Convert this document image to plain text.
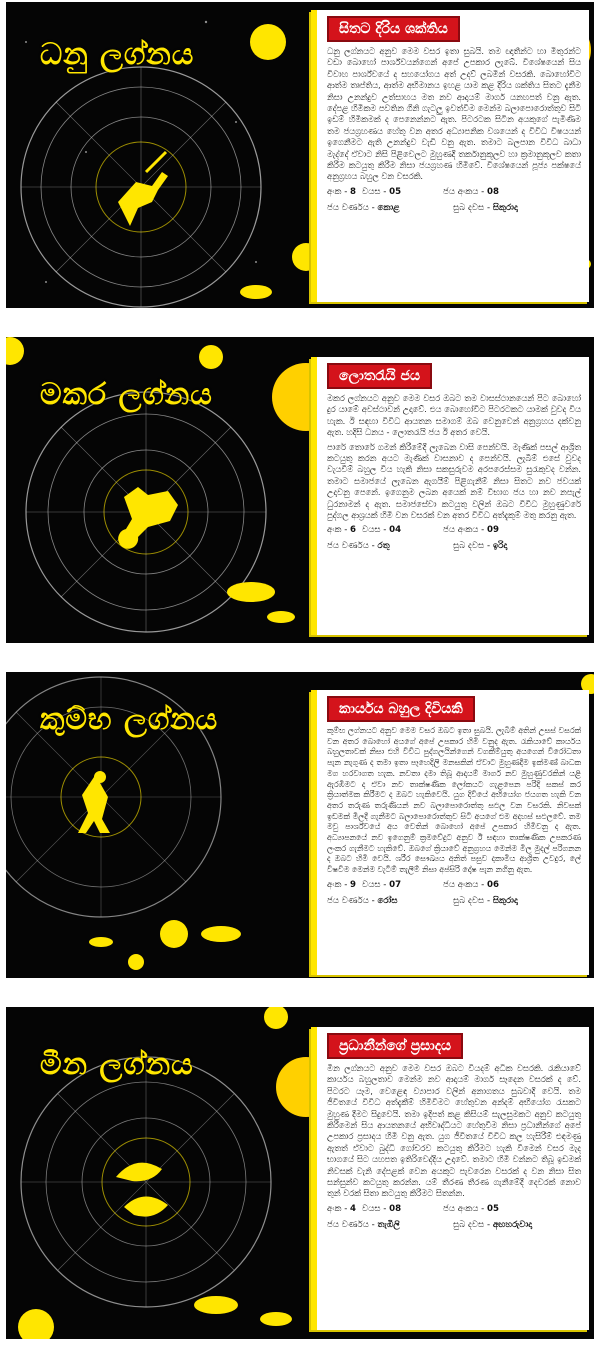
ධනු ලග්නය
සිතට දිරිය ශක්තිය

ධනු ලග්නයට අනුව මෙම වසර ඉතා සුබයි. තම ඥාතීන්ට හා මිතුරන්ට වඩා බොහෝ පාර්ශ්වයන්ගෙන් අපේ උපකාර ලැබේ. විශේෂයෙන් සිය විවාහ පාර්ශ්වයේ ද සහයෝගය අත් උදව් ලබමින් වසරකි. බොහෝවිට ආත්ම තෘප්තිය, ආත්ම අභිමානය ඉහළ යාම කළ දිරිය ශක්තිය සිතට දැනීම නිසා උනන්දුව උත්සාහය මත නව ආදායම් මාර්ග යනහපත් වනු ඇත. දේපළ හිමිකම පවතින ගිනි ගැටලු ඉවත්වීම මෙන්ම බලාපොරොත්තුව සිටි ඉඩම් හිමිකමක් ද පෙනෙන්නට ඇත. පිටරටක සිටින අයකුගේ පැමිණීම තම ජයග්‍රහණය හේතු වන අතර අධ්‍යාපනික වශයෙන් ද විවිධ විෂයයන් ඉගෙනීමට ඇති උනන්දුව වැඩි වනු ඇත. තමාට බලපාන විවිධ බාධා මැද්දේ ඒවාට නිසි පිළිවෙලට මුහුණදී තර්කානුකූලව හා ක්‍රමානුකූලව කතා කිරීම කටයුතු කිරීම නිසා ජයග්‍රහණ හිමිවේ. විශේෂයෙන් පූජ්‍ය පක්ෂයේ අනුග්‍රහය බහුල වන වසරකි.

අංක - 8 වයස - 05	ජය අංකය - 08
ජය වර්ණය - කොළ	සුබ දවස - සිකුරාදා
මකර ලග්නය
ලොතරැයි ජය

මකර ලග්නයට අනුව මෙම වසර ඔබට තම වාසස්ථානයෙන් පිට බොහෝ දුර යාමේ අවස්ථාවන් උදාවේ. එය බොහෝවිට පිටරටකට යාමක් වුවද විය හැක. ඊ සඳහා විවිධ ආයතන සමාගම් ඔබ වෙනුවෙන් අනුග්‍රහය දක්වනු ඇත. හදිසි ධනය - ලොතරැයි ජය ඊ අතර වෙයි.

පාරේ තොරේ ගමන් කිරීමේදී ලැබෙන වාසි පෙන්වයි. මැණික් පසල් ආශ්‍රිත කටයුතු කරන අයට මැණික් වාසනාව ද පෙන්වයි. ලැබීම් එසේ වුවද වැයවීම් බහුල විය හැකි නිසා සකසුරුවම අරපරෙස්සම සුරැකුවද වන්න. තමාට සමාජයේ ලැබෙන ඇගයීම් පිළිගැනීම් නිසා සිතට නව ජවයක් උදාවනු පෙනේ. ඉගෙනුම ලබන අයෙක් නම් විභාග ජය හා නව නපැල් ධුරනාමන් ද ඇත. සමාජසේවා කටයුතු වලින් ඔබට විවිධ මුහුණුවරේ පුද්ගල ආශ්‍රයක් හිමි වන වසරක් වන අතර විවිධ අත්දැකුම් මතු කරනු ඇත.

අංක - 6 වයස - 04	ජය අංකය - 09
ජය වර්ණය - රතු	සුබ දවස - ඉරිදා
කුම්භ ලග්නය	කාර්යය බහුල දිවියකි

කුම්භ ලග්නයට අනුව මෙම වසර ඔබට ඉතා සුබයි. ලැබීම් අතින් උසස් වසරක් වන අතර බොහෝ අයගේ අපේ උපකාර හිමි වනුද ඇත. රැකියාවේ කාර්යය බහුලතාවක් නිසා එහි විවිධ පුද්ගලයින්ගෙන් වගකීම්යුතු අයගෙන් විරෝධතා පැන නැගුණ ද තමා ඉතා පෑහෙදිලි මනසකින් ඒවාට මුහුණදීම ඉක්මණ් බාධක මග හරවාගත හැක. නවතා දමා තිබූ ආදායම් මාර්ග නව මුහුණුවරකින් යළි ඇරඹීමට ද ඒවා නව තාක්ෂණික ලෝකයට ගැළපෙන පරිදි සකස් කර ක්‍රියාත්මක කිරීමට ද ඔබට හැකිවෙයි. යුග දිවියේ අභියෝග ජයගත හැකි වන අතර තරුණ තරුණියන් නව බලාපොරොත්තු සඵල වන වසරකි. නිවසක් ඉඩමක් මිලදී ගැනීමට බලාපොරොත්තුව සිටි අයගේ එම අදහස් සඵලවේ. තම මවු පාර්ශ්වයේ අය වෙතින් බොහෝ අපේ උපකාර හිමිවනු ද ඇත. අධ්‍යාපනයේ නව ඉගෙනුම් ක්‍රමවේදුට අනුව ඊ සඳහා තාක්ෂණික උපකරණ ලංකර ගැනීමට හැකිවේ. ඔබගේ ක්‍රියාවේ අනුග්‍රහය මෙන්ම මිල මුදල් පරිගනන ද ඔබට හිමි වෙයි. ශරීර සෞඛ්‍යය අනිත් පසුව දකාමිය ආශ්‍රිත උවදුර, ලේ විෂවීම මෙන්ම වැටීම් තැලීම් නිසා අප්සිරි දෝෂ පැන නගිනු ඇත.

අංක - 9 වයස - 07	ජය අංකය - 06
ජය වර්ණය - රෝස	සුබ දවස - සිකුරාදා
මීන ලග්නය
ප්‍රධානීන්ගේ ප්‍රසාදය

මීන ලග්නයට අනුව මෙම වසර ඔබට වියදම් අධික වසරකි. රැකියාවේ කාර්යය බහුලතාව මෙන්ම නව ආදායම් මාර්ග සෑදෙන වසරක් ද වේ. පිටරට යෑම, වෙළෙඳ ව්‍යාපාර වලින් අනාගතය සුබවාදී වෙයි. තම ජීවිතයේ විවිධ අත්දැකීම් හිමිවීමට හේතුවන අන්දම් අභියෝග රැසකට මුහුණ දීමට සිදුවෙයි. තමා ඉදිපත් කළ කිසියම් සැලසුමකට අනුව කටයුතු කිරීමෙන් සිය ආයතනයේ අභිවෘද්ධියට හේතුවීම නිසා ප්‍රධානීන්ගේ අපේ උපකාර ප්‍රසාදය හිමි වනු ඇත. යුග ජීවිතයේ විවිධ කල හැසිරීම් එඳමණු ඇතත් ඒවාට බුද්ධි ගෝචරව කටයුතු කිරීමට හැකි වීමෙන් වසර මැද භාගයේ සිට යහපත ඉතිරිවෙද්දිය උදාවේ. තමාට හිමි වන්නට තිබූ ඉඩමක් නිවසක් වැනි දේපළක් වෙන අයකුට පැවරෙන වසරක් ද වන නිසා සිත සන්සුන්ව කටයුතු කරන්න. යම් තීරණ තීරණ ගැනීමේදී දෙවරක් නොව තුන් වරක් සිතා කටයුතු කිරීමට සිතන්න.

අංක - 4 වයස - 08	ජය අංකය - 05
ජය වර්ණය - තැඹිලි	සුබ දවස - අඟහරුවාදා
